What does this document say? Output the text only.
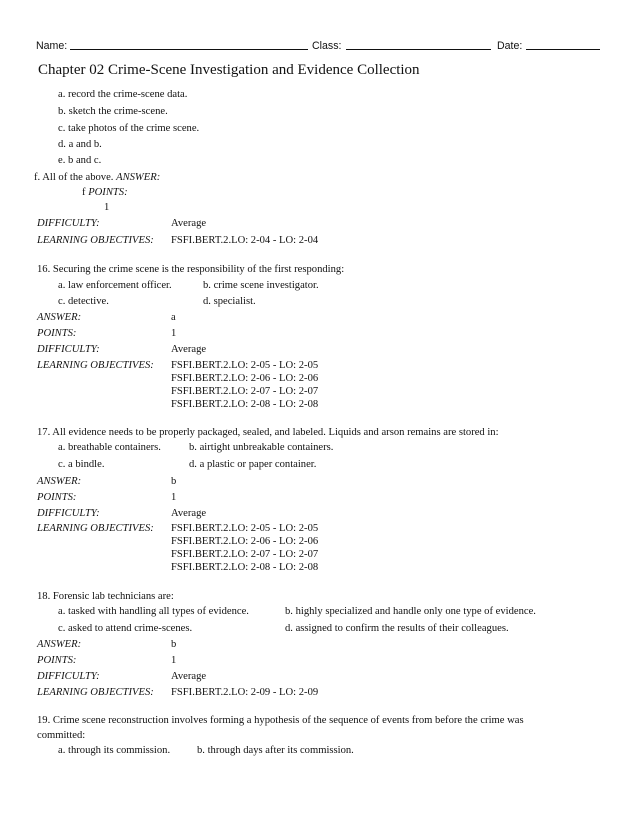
Name:	Class:	Date:
Chapter 02 Crime-Scene Investigation and Evidence Collection
a. record the crime-scene data.
b. sketch the crime-scene.
c. take photos of the crime scene.
d. a and b.
e. b and c.
f. All of the above. ANSWER:
f POINTS:
1
DIFFICULTY:	Average
LEARNING OBJECTIVES: FSFI.BERT.2.LO: 2-04 - LO: 2-04
16. Securing the crime scene is the responsibility of the first responding:
a. law enforcement officer.	b. crime scene investigator.
c. detective.	d. specialist.
ANSWER:	a
POINTS:	1
DIFFICULTY:	Average
LEARNING OBJECTIVES: FSFI.BERT.2.LO: 2-05 - LO: 2-05
FSFI.BERT.2.LO: 2-06 - LO: 2-06
FSFI.BERT.2.LO: 2-07 - LO: 2-07
FSFI.BERT.2.LO: 2-08 - LO: 2-08
17. All evidence needs to be properly packaged, sealed, and labeled. Liquids and arson remains are stored in:
a. breathable containers.	b. airtight unbreakable containers.
c. a bindle.	d. a plastic or paper container.
ANSWER:	b
POINTS:	1
DIFFICULTY:	Average
LEARNING OBJECTIVES: FSFI.BERT.2.LO: 2-05 - LO: 2-05
FSFI.BERT.2.LO: 2-06 - LO: 2-06
FSFI.BERT.2.LO: 2-07 - LO: 2-07
FSFI.BERT.2.LO: 2-08 - LO: 2-08
18. Forensic lab technicians are:
a. tasked with handling all types of evidence.	b. highly specialized and handle only one type of evidence.
c. asked to attend crime-scenes.	d. assigned to confirm the results of their colleagues.
ANSWER:	b
POINTS:	1
DIFFICULTY:	Average
LEARNING OBJECTIVES: FSFI.BERT.2.LO: 2-09 - LO: 2-09
19. Crime scene reconstruction involves forming a hypothesis of the sequence of events from before the crime was
committed:
a. through its commission.	b. through days after its commission.
